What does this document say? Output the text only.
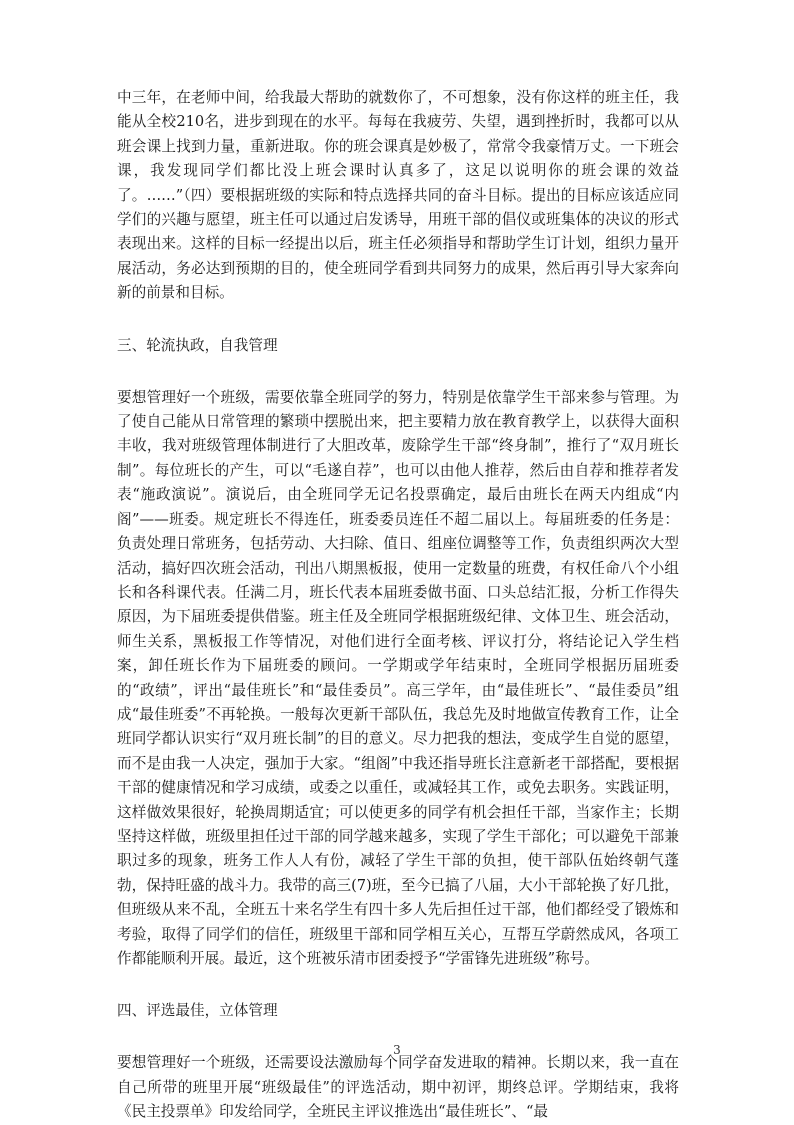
中三年，在老师中间，给我最大帮助的就数你了，不可想象，没有你这样的班主任，我能从全校210名，进步到现在的水平。每每在我疲劳、失望，遇到挫折时，我都可以从班会课上找到力量，重新进取。你的班会课真是妙极了，常常令我豪情万丈。一下班会课，我发现同学们都比没上班会课时认真多了，这足以说明你的班会课的效益了。……”（四）要根据班级的实际和特点选择共同的奋斗目标。提出的目标应该适应同学们的兴趣与愿望，班主任可以通过启发诱导，用班干部的倡仪或班集体的决议的形式表现出来。这样的目标一经提出以后，班主任必须指导和帮助学生订计划，组织力量开展活动，务必达到预期的目的，使全班同学看到共同努力的成果，然后再引导大家奔向新的前景和目标。

三、轮流执政，自我管理

要想管理好一个班级，需要依靠全班同学的努力，特别是依靠学生干部来参与管理。为了使自己能从日常管理的繁琐中摆脱出来，把主要精力放在教育教学上，以获得大面积丰收，我对班级管理体制进行了大胆改革，废除学生干部“终身制”，推行了“双月班长制”。每位班长的产生，可以“毛遂自荐”，也可以由他人推荐，然后由自荐和推荐者发表“施政演说”。演说后，由全班同学无记名投票确定，最后由班长在两天内组成“内阁”——班委。规定班长不得连任，班委委员连任不超二届以上。每届班委的任务是：负责处理日常班务，包括劳动、大扫除、值日、组座位调整等工作，负责组织两次大型活动，搞好四次班会活动，刊出八期黑板报，使用一定数量的班费，有权任命八个小组长和各科课代表。任满二月，班长代表本届班委做书面、口头总结汇报，分析工作得失原因，为下届班委提供借鉴。班主任及全班同学根据班级纪律、文体卫生、班会活动，师生关系，黑板报工作等情况，对他们进行全面考核、评议打分，将结论记入学生档案，卸任班长作为下届班委的顾问。一学期或学年结束时，全班同学根据历届班委的“政绩”，评出“最佳班长”和“最佳委员”。高三学年，由“最佳班长”、“最佳委员”组成“最佳班委”不再轮换。一般每次更新干部队伍，我总先及时地做宣传教育工作，让全班同学都认识实行“双月班长制”的目的意义。尽力把我的想法，变成学生自觉的愿望，而不是由我一人决定，强加于大家。“组阁”中我还指导班长注意新老干部搭配，要根据干部的健康情况和学习成绩，或委之以重任，或减轻其工作，或免去职务。实践证明，这样做效果很好，轮换周期适宜；可以使更多的同学有机会担任干部，当家作主；长期坚持这样做，班级里担任过干部的同学越来越多，实现了学生干部化；可以避免干部兼职过多的现象，班务工作人人有份，减轻了学生干部的负担，使干部队伍始终朝气蓬勃，保持旺盛的战斗力。我带的高三(7)班，至今已搞了八届，大小干部轮换了好几批，但班级从来不乱，全班五十来名学生有四十多人先后担任过干部，他们都经受了锻炼和考验，取得了同学们的信任，班级里干部和同学相互关心，互帮互学蔚然成风，各项工作都能顺利开展。最近，这个班被乐清市团委授予“学雷锋先进班级”称号。

四、评选最佳，立体管理

要想管理好一个班级，还需要设法激励每个同学奋发进取的精神。长期以来，我一直在自己所带的班里开展“班级最佳”的评选活动，期中初评，期终总评。学期结束，我将《民主投票单》印发给同学，全班民主评议推选出“最佳班长”、“最

3
